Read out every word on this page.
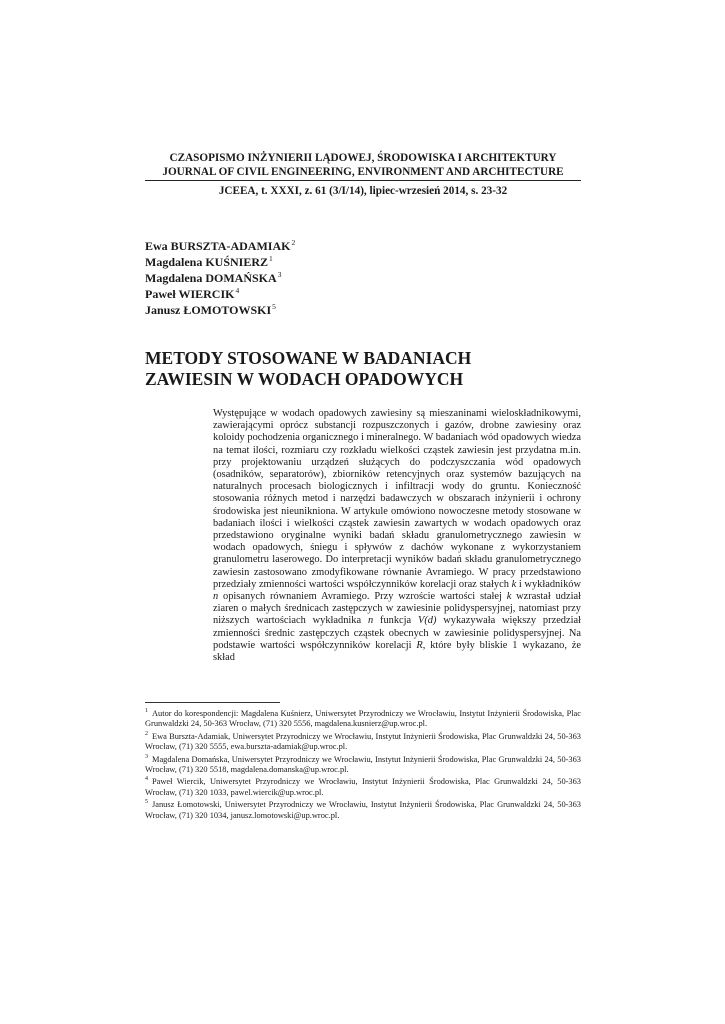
CZASOPISMO INŻYNIERII LĄDOWEJ, ŚRODOWISKA I ARCHITEKTURY
JOURNAL OF CIVIL ENGINEERING, ENVIRONMENT AND ARCHITECTURE
JCEEA, t. XXXI, z. 61 (3/I/14), lipiec-wrzesień 2014, s. 23-32
Ewa BURSZTA-ADAMIAK$^2$
Magdalena KUŚNIERZ$^1$
Magdalena DOMAŃSKA$^3$
Paweł WIERCIK$^4$
Janusz ŁOMOTOWSKI$^5$
METODY STOSOWANE W BADANIACH
ZAWIESIN W WODACH OPADOWYCH
Występujące w wodach opadowych zawiesiny są mieszaninami wieloskładnikowymi, zawierającymi oprócz substancji rozpuszczonych i gazów, drobne zawiesiny oraz koloidy pochodzenia organicznego i mineralnego. W badaniach wód opadowych wiedza na temat ilości, rozmiaru czy rozkładu wielkości cząstek zawiesin jest przydatna m.in. przy projektowaniu urządzeń służących do podczyszczania wód opadowych (osadników, separatorów), zbiorników retencyjnych oraz systemów bazujących na naturalnych procesach biologicznych i infiltracji wody do gruntu. Konieczność stosowania różnych metod i narzędzi badawczych w obszarach inżynierii i ochrony środowiska jest nieunikniona. W artykule omówiono nowoczesne metody stosowane w badaniach ilości i wielkości cząstek zawiesin zawartych w wodach opadowych oraz przedstawiono oryginalne wyniki badań składu granulometrycznego zawiesin w wodach opadowych, śniegu i spływów z dachów wykonane z wykorzystaniem granulometru laserowego. Do interpretacji wyników badań składu granulometrycznego zawiesin zastosowano zmodyfikowane równanie Avramiego. W pracy przedstawiono przedziały zmienności wartości współczynników korelacji oraz stałych k i wykładników n opisanych równaniem Avramiego. Przy wzroście wartości stałej k wzrastał udział ziaren o małych średnicach zastępczych w zawiesinie polidyspersyjnej, natomiast przy niższych wartościach wykładnika n funkcja V(d) wykazywała większy przedział zmienności średnic zastępczych cząstek obecnych w zawiesinie polidyspersyjnej. Na podstawie wartości współczynników korelacji R, które były bliskie 1 wykazano, że skład
$^1$ Autor do korespondencji: Magdalena Kuśnierz, Uniwersytet Przyrodniczy we Wrocławiu, Instytut Inżynierii Środowiska, Plac Grunwaldzki 24, 50-363 Wrocław, (71) 320 5556, magdalena.kusnierz@up.wroc.pl.
$^2$ Ewa Burszta-Adamiak, Uniwersytet Przyrodniczy we Wrocławiu, Instytut Inżynierii Środowiska, Plac Grunwaldzki 24, 50-363 Wrocław, (71) 320 5555, ewa.burszta-adamiak@up.wroc.pl.
$^3$ Magdalena Domańska, Uniwersytet Przyrodniczy we Wrocławiu, Instytut Inżynierii Środowiska, Plac Grunwaldzki 24, 50-363 Wrocław, (71) 320 5518, magdalena.domanska@up.wroc.pl.
$^4$ Paweł Wiercik, Uniwersytet Przyrodniczy we Wrocławiu, Instytut Inżynierii Środowiska, Plac Grunwaldzki 24, 50-363 Wrocław, (71) 320 1033, pawel.wiercik@up.wroc.pl.
$^5$ Janusz Łomotowski, Uniwersytet Przyrodniczy we Wrocławiu, Instytut Inżynierii Środowiska, Plac Grunwaldzki 24, 50-363 Wrocław, (71) 320 1034, janusz.lomotowski@up.wroc.pl.
